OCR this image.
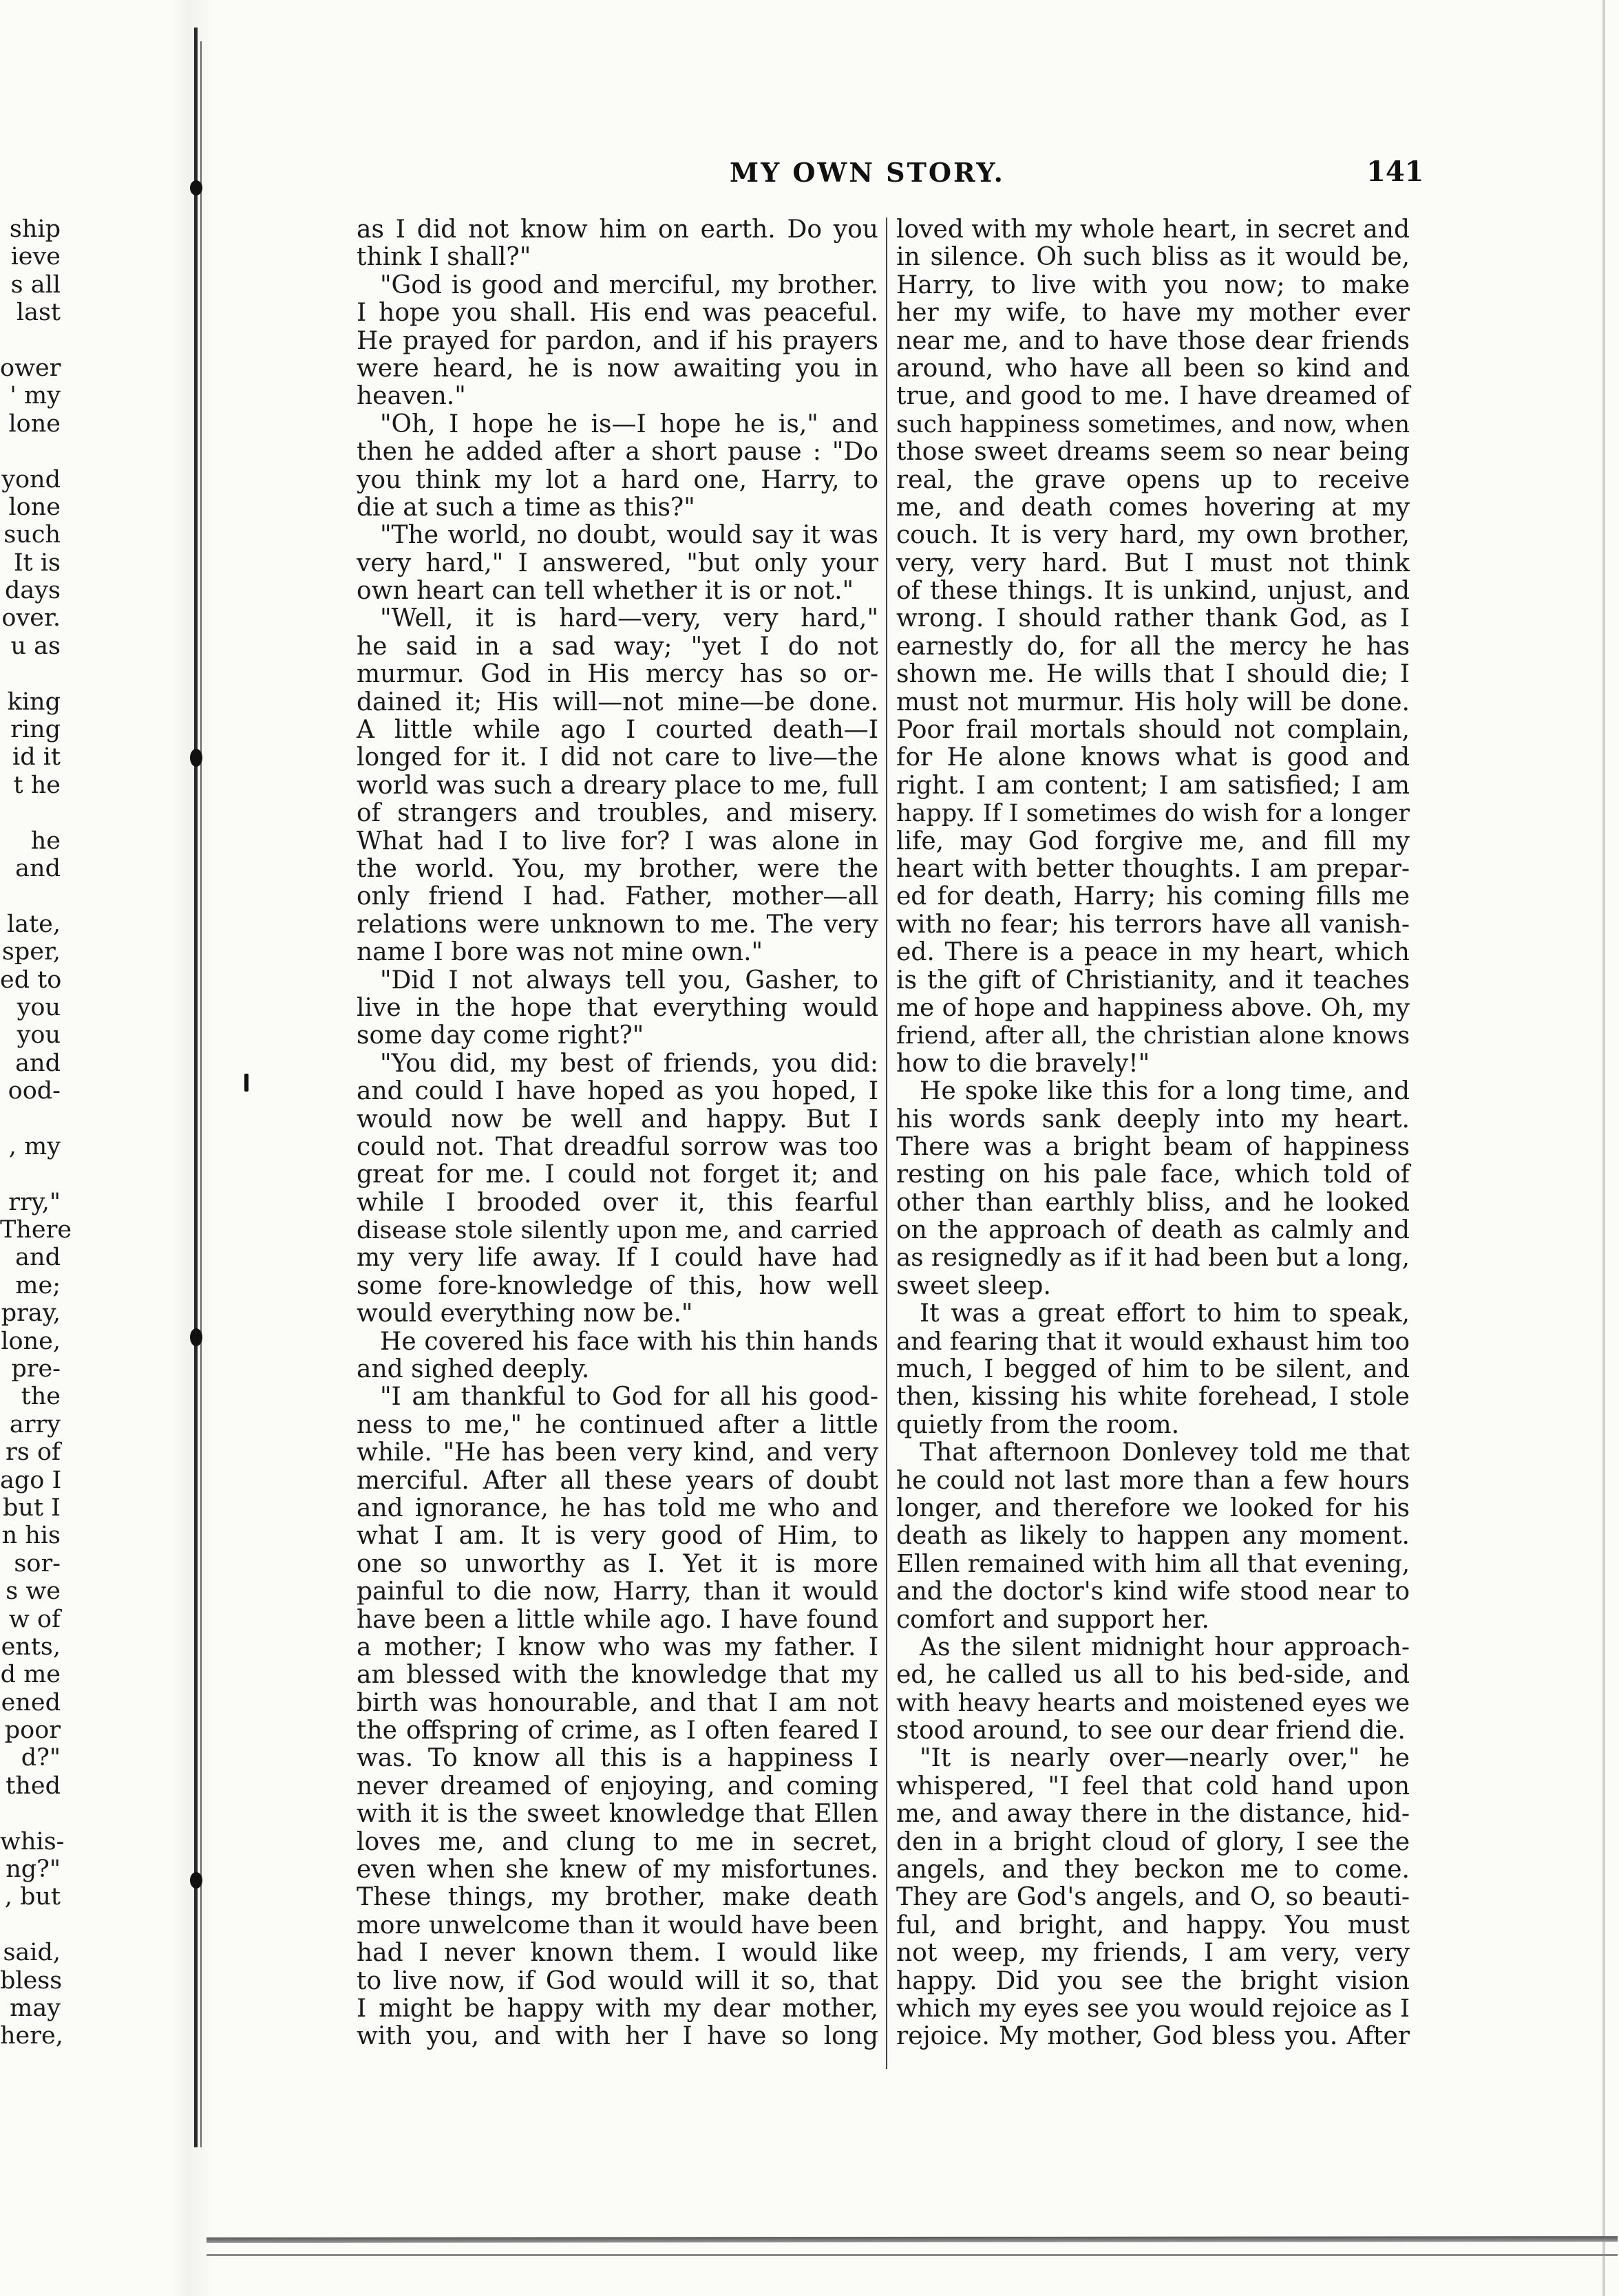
ship
ieve
s all
last
ower
' my
lone
yond
lone
such
It is
days
over.
u as
king
ring
id it
t he
he
and
late,
sper,
ed to
you
you
and
ood-
, my
rry,"
There
and
me;
pray,
lone,
pre-
the
arry
rs of
ago I
but I
n his
sor-
s we
w of
ents,
d me
ened
poor
d?"
thed
whis-
ng?"
, but
said,
bless
may
here,
MY OWN STORY.	141
as I did not know him on earth. Do you
think I shall?"
"God is good and merciful, my brother.
I hope you shall. His end was peaceful.
He prayed for pardon, and if his prayers
were heard, he is now awaiting you in
heaven."
"Oh, I hope he is—I hope he is," and
then he added after a short pause : "Do
you think my lot a hard one, Harry, to
die at such a time as this?"
"The world, no doubt, would say it was
very hard," I answered, "but only your
own heart can tell whether it is or not."
"Well, it is hard—very, very hard,"
he said in a sad way; "yet I do not
murmur. God in His mercy has so or-
dained it; His will—not mine—be done.
A little while ago I courted death—I
longed for it. I did not care to live—the
world was such a dreary place to me, full
of strangers and troubles, and misery.
What had I to live for? I was alone in
the world. You, my brother, were the
only friend I had. Father, mother—all
relations were unknown to me. The very
name I bore was not mine own."
"Did I not always tell you, Gasher, to
live in the hope that everything would
some day come right?"
"You did, my best of friends, you did:
and could I have hoped as you hoped, I
would now be well and happy. But I
could not. That dreadful sorrow was too
great for me. I could not forget it; and
while I brooded over it, this fearful
disease stole silently upon me, and carried
my very life away. If I could have had
some fore-knowledge of this, how well
would everything now be."
He covered his face with his thin hands
and sighed deeply.
"I am thankful to God for all his good-
ness to me," he continued after a little
while. "He has been very kind, and very
merciful. After all these years of doubt
and ignorance, he has told me who and
what I am. It is very good of Him, to
one so unworthy as I. Yet it is more
painful to die now, Harry, than it would
have been a little while ago. I have found
a mother; I know who was my father. I
am blessed with the knowledge that my
birth was honourable, and that I am not
the offspring of crime, as I often feared I
was. To know all this is a happiness I
never dreamed of enjoying, and coming
with it is the sweet knowledge that Ellen
loves me, and clung to me in secret,
even when she knew of my misfortunes.
These things, my brother, make death
more unwelcome than it would have been
had I never known them. I would like
to live now, if God would will it so, that
I might be happy with my dear mother,
with you, and with her I have so long
loved with my whole heart, in secret and
in silence. Oh such bliss as it would be,
Harry, to live with you now; to make
her my wife, to have my mother ever
near me, and to have those dear friends
around, who have all been so kind and
true, and good to me. I have dreamed of
such happiness sometimes, and now, when
those sweet dreams seem so near being
real, the grave opens up to receive
me, and death comes hovering at my
couch. It is very hard, my own brother,
very, very hard. But I must not think
of these things. It is unkind, unjust, and
wrong. I should rather thank God, as I
earnestly do, for all the mercy he has
shown me. He wills that I should die; I
must not murmur. His holy will be done.
Poor frail mortals should not complain,
for He alone knows what is good and
right. I am content; I am satisfied; I am
happy. If I sometimes do wish for a longer
life, may God forgive me, and fill my
heart with better thoughts. I am prepar-
ed for death, Harry; his coming fills me
with no fear; his terrors have all vanish-
ed. There is a peace in my heart, which
is the gift of Christianity, and it teaches
me of hope and happiness above. Oh, my
friend, after all, the christian alone knows
how to die bravely!"
He spoke like this for a long time, and
his words sank deeply into my heart.
There was a bright beam of happiness
resting on his pale face, which told of
other than earthly bliss, and he looked
on the approach of death as calmly and
as resignedly as if it had been but a long,
sweet sleep.
It was a great effort to him to speak,
and fearing that it would exhaust him too
much, I begged of him to be silent, and
then, kissing his white forehead, I stole
quietly from the room.
That afternoon Donlevey told me that
he could not last more than a few hours
longer, and therefore we looked for his
death as likely to happen any moment.
Ellen remained with him all that evening,
and the doctor's kind wife stood near to
comfort and support her.
As the silent midnight hour approach-
ed, he called us all to his bed-side, and
with heavy hearts and moistened eyes we
stood around, to see our dear friend die.
"It is nearly over—nearly over," he
whispered, "I feel that cold hand upon
me, and away there in the distance, hid-
den in a bright cloud of glory, I see the
angels, and they beckon me to come.
They are God's angels, and O, so beauti-
ful, and bright, and happy. You must
not weep, my friends, I am very, very
happy. Did you see the bright vision
which my eyes see you would rejoice as I
rejoice. My mother, God bless you. After
